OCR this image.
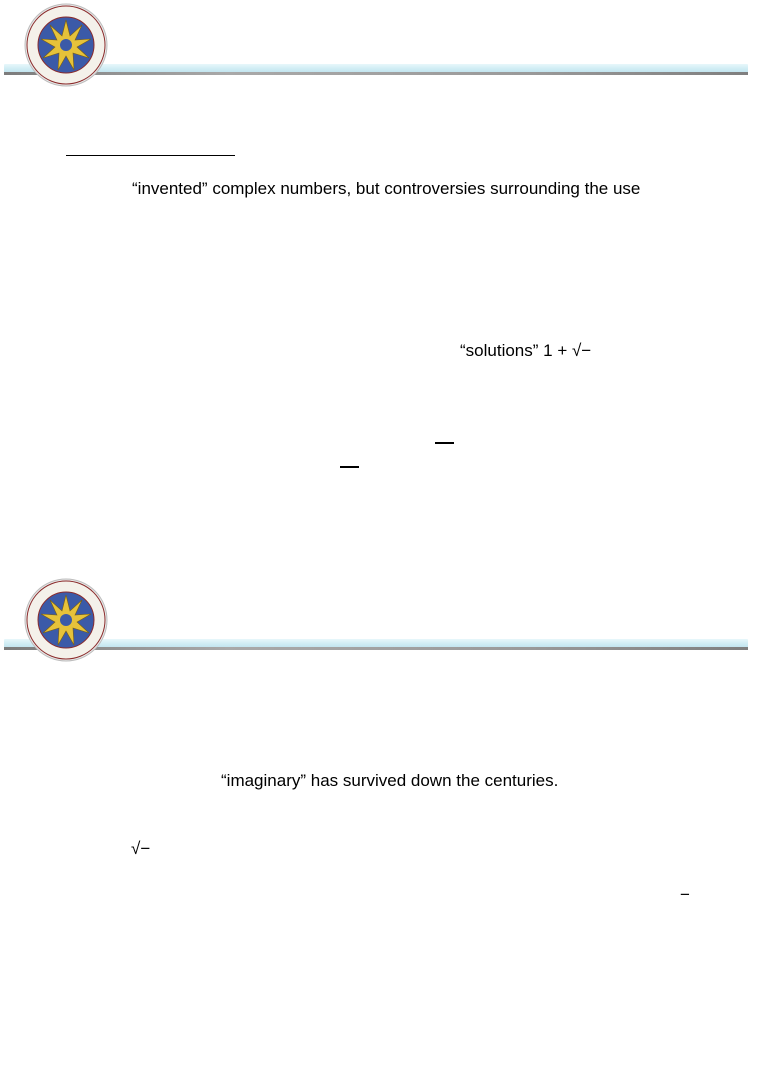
“invented” complex numbers, but controversies surrounding the use
“solutions” 1 + √−
“imaginary” has survived down the centuries.
√−
−
